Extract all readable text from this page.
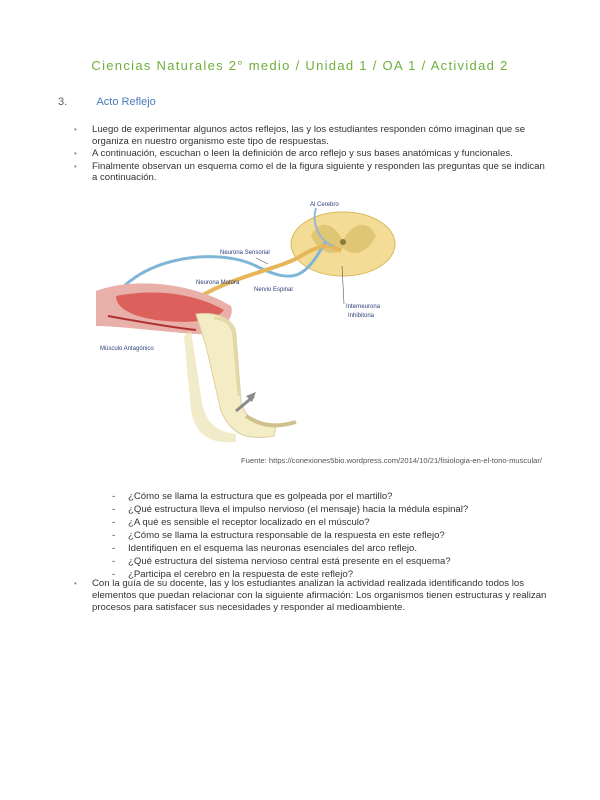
Ciencias Naturales 2° medio / Unidad 1 / OA 1 / Actividad 2
3.	Acto Reflejo
• Luego de experimentar algunos actos reflejos, las y los estudiantes responden cómo imaginan que se organiza en nuestro organismo este tipo de respuestas.
• A continuación, escuchan o leen la definición de arco reflejo y sus bases anatómicas y funcionales.
• Finalmente observan un esquema como el de la figura siguiente y responden las preguntas que se indican a continuación.
Al Cerebro
Neurona Sensorial
Neurona Motora
Nervio Espinal
Interneurona
Inhibitoria
Músculo Antagónico
Fuente: https://conexiones5bio.wordpress.com/2014/10/21/fisiologia-en-el-tono-muscular/
- ¿Cómo se llama la estructura que es golpeada por el martillo?
- ¿Qué estructura lleva el impulso nervioso (el mensaje) hacia la médula espinal?
- ¿A qué es sensible el receptor localizado en el músculo?
- ¿Cómo se llama la estructura responsable de la respuesta en este reflejo?
- Identifiquen en el esquema las neuronas esenciales del arco reflejo.
- ¿Qué estructura del sistema nervioso central está presente en el esquema?
- ¿Participa el cerebro en la respuesta de este reflejo?
•	Con la guía de su docente, las y los estudiantes analizan la actividad realizada identificando todos los elementos que puedan relacionar con la siguiente afirmación: Los organismos tienen estructuras y realizan procesos para satisfacer sus necesidades y responder al medioambiente.
